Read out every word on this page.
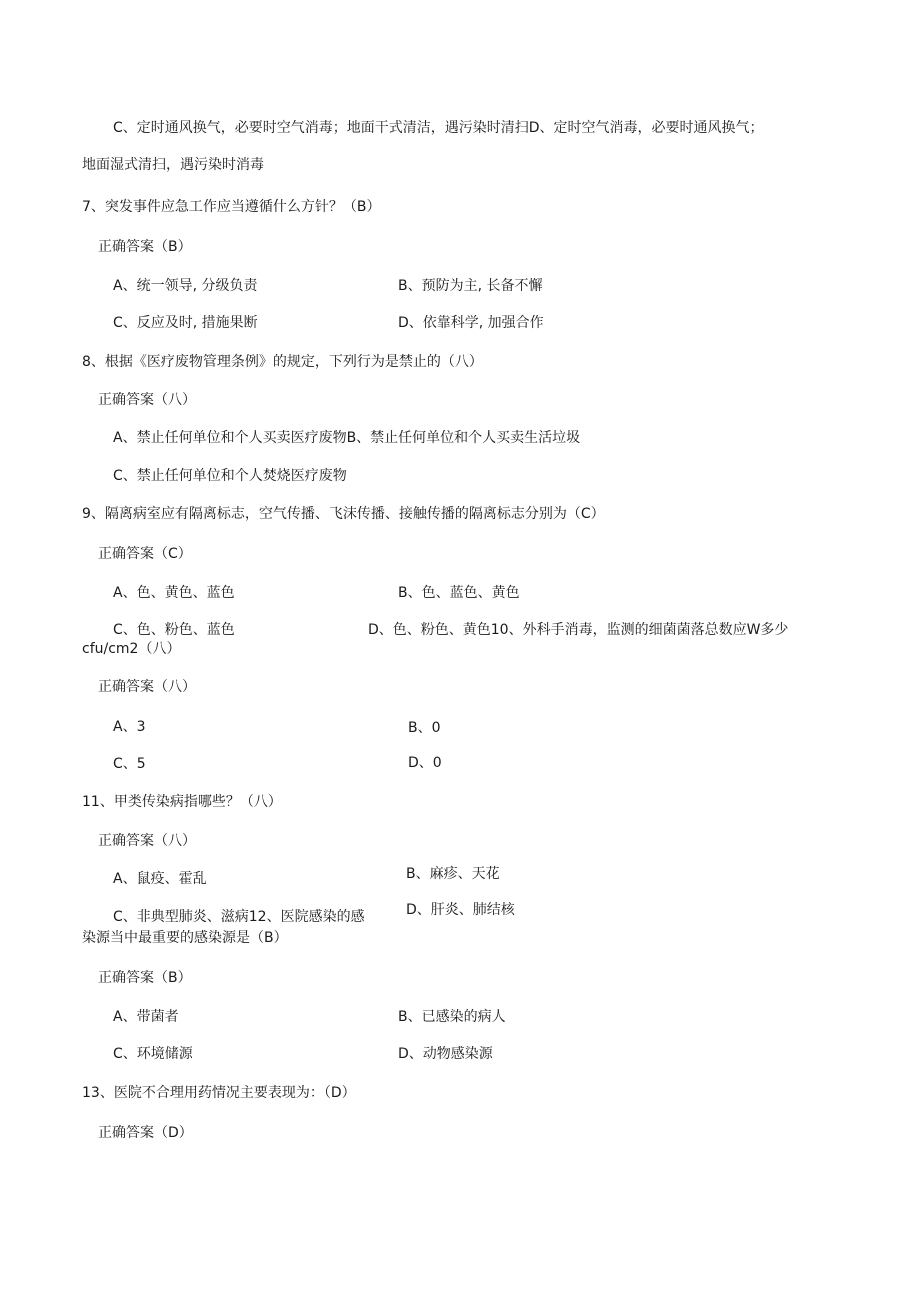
C、定时通风换气，必要时空气消毒；地面干式清洁，遇污染时清扫D、定时空气消毒，必要时通风换气；
地面湿式清扫，遇污染时消毒
7、突发事件应急工作应当遵循什么方针？（B）
正确答案（B）
A、统一领导, 分级负责	B、预防为主, 长备不懈
C、反应及时, 措施果断	D、依靠科学, 加强合作
8、根据《医疗废物管理条例》的规定，下列行为是禁止的（八）
正确答案（八）
A、禁止任何单位和个人买卖医疗废物B、禁止任何单位和个人买卖生活垃圾
C、禁止任何单位和个人焚烧医疗废物
9、隔离病室应有隔离标志，空气传播、飞沫传播、接触传播的隔离标志分别为（C）
正确答案（C）
A、色、黄色、蓝色	B、色、蓝色、黄色
C、色、粉色、蓝色	D、色、粉色、黄色10、外科手消毒，监测的细菌菌落总数应W多少
cfu/cm2（八）
正确答案（八）
A、3	B、0
C、5	D、0
11、甲类传染病指哪些？（八）
正确答案（八）
A、鼠疫、霍乱	B、麻疹、天花
C、非典型肺炎、滋病12、医院感染的感	D、肝炎、肺结核
染源当中最重要的感染源是（B）
正确答案（B）
A、带菌者	B、已感染的病人
C、环境储源	D、动物感染源
13、医院不合理用药情况主要表现为：（D）
正确答案（D）
